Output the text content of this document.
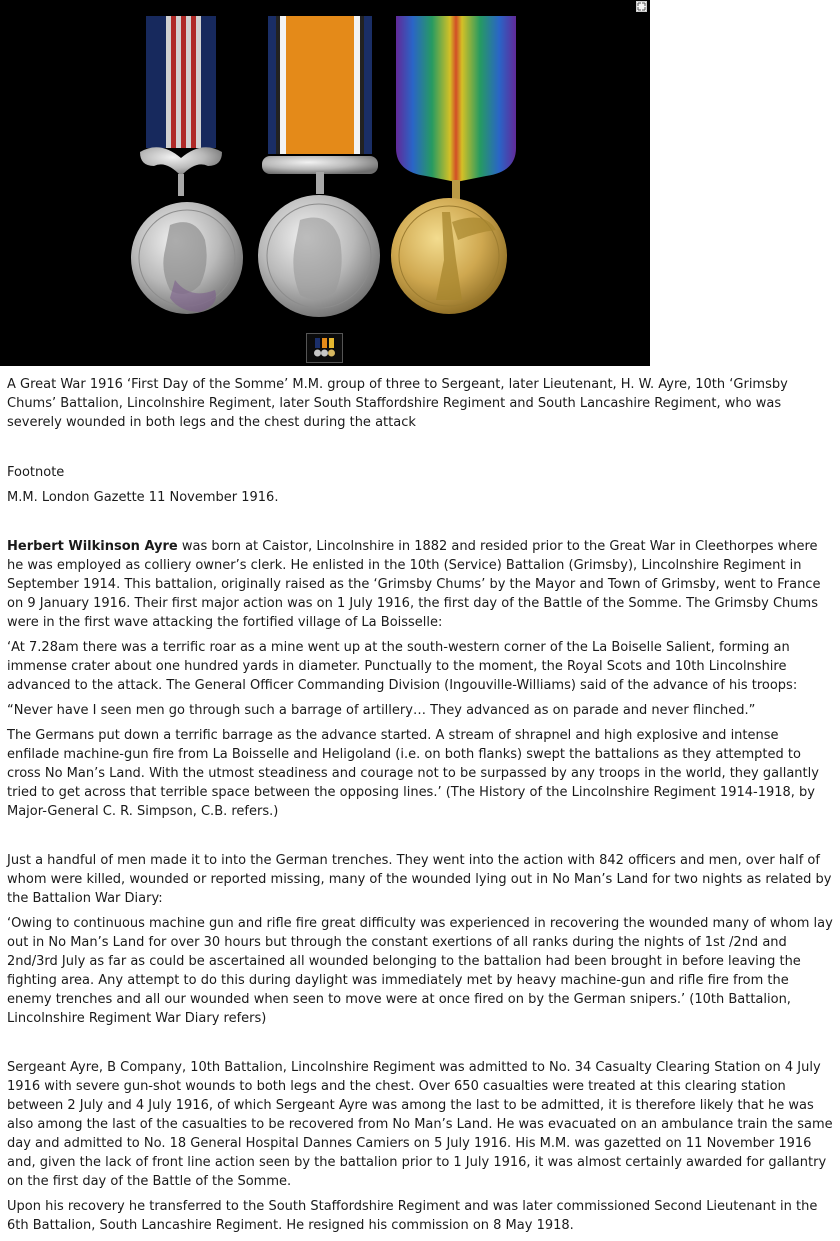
A Great War 1916 ‘First Day of the Somme’ M.M. group of three to Sergeant, later Lieutenant, H. W. Ayre, 10th ‘Grimsby Chums’ Battalion, Lincolnshire Regiment, later South Staffordshire Regiment and South Lancashire Regiment, who was severely wounded in both legs and the chest during the attack

Footnote

M.M. London Gazette 11 November 1916.

Herbert Wilkinson Ayre was born at Caistor, Lincolnshire in 1882 and resided prior to the Great War in Cleethorpes where he was employed as colliery owner’s clerk. He enlisted in the 10th (Service) Battalion (Grimsby), Lincolnshire Regiment in September 1914. This battalion, originally raised as the ‘Grimsby Chums’ by the Mayor and Town of Grimsby, went to France on 9 January 1916. Their first major action was on 1 July 1916, the first day of the Battle of the Somme. The Grimsby Chums were in the first wave attacking the fortified village of La Boisselle:

‘At 7.28am there was a terrific roar as a mine went up at the south-western corner of the La Boiselle Salient, forming an immense crater about one hundred yards in diameter. Punctually to the moment, the Royal Scots and 10th Lincolnshire advanced to the attack. The General Officer Commanding Division (Ingouville-Williams) said of the advance of his troops:

“Never have I seen men go through such a barrage of artillery… They advanced as on parade and never flinched.”

The Germans put down a terrific barrage as the advance started. A stream of shrapnel and high explosive and intense enfilade machine-gun fire from La Boisselle and Heligoland (i.e. on both flanks) swept the battalions as they attempted to cross No Man’s Land. With the utmost steadiness and courage not to be surpassed by any troops in the world, they gallantly tried to get across that terrible space between the opposing lines.’ (The History of the Lincolnshire Regiment 1914-1918, by Major-General C. R. Simpson, C.B. refers.)

Just a handful of men made it to into the German trenches. They went into the action with 842 officers and men, over half of whom were killed, wounded or reported missing, many of the wounded lying out in No Man’s Land for two nights as related by the Battalion War Diary:

‘Owing to continuous machine gun and rifle fire great difficulty was experienced in recovering the wounded many of whom lay out in No Man’s Land for over 30 hours but through the constant exertions of all ranks during the nights of 1st /2nd and 2nd/3rd July as far as could be ascertained all wounded belonging to the battalion had been brought in before leaving the fighting area. Any attempt to do this during daylight was immediately met by heavy machine-gun and rifle fire from the enemy trenches and all our wounded when seen to move were at once fired on by the German snipers.’ (10th Battalion, Lincolnshire Regiment War Diary refers)

Sergeant Ayre, B Company, 10th Battalion, Lincolnshire Regiment was admitted to No. 34 Casualty Clearing Station on 4 July 1916 with severe gun-shot wounds to both legs and the chest. Over 650 casualties were treated at this clearing station between 2 July and 4 July 1916, of which Sergeant Ayre was among the last to be admitted, it is therefore likely that he was also among the last of the casualties to be recovered from No Man’s Land. He was evacuated on an ambulance train the same day and admitted to No. 18 General Hospital Dannes Camiers on 5 July 1916. His M.M. was gazetted on 11 November 1916 and, given the lack of front line action seen by the battalion prior to 1 July 1916, it was almost certainly awarded for gallantry on the first day of the Battle of the Somme.

Upon his recovery he transferred to the South Staffordshire Regiment and was later commissioned Second Lieutenant in the 6th Battalion, South Lancashire Regiment. He resigned his commission on 8 May 1918.
